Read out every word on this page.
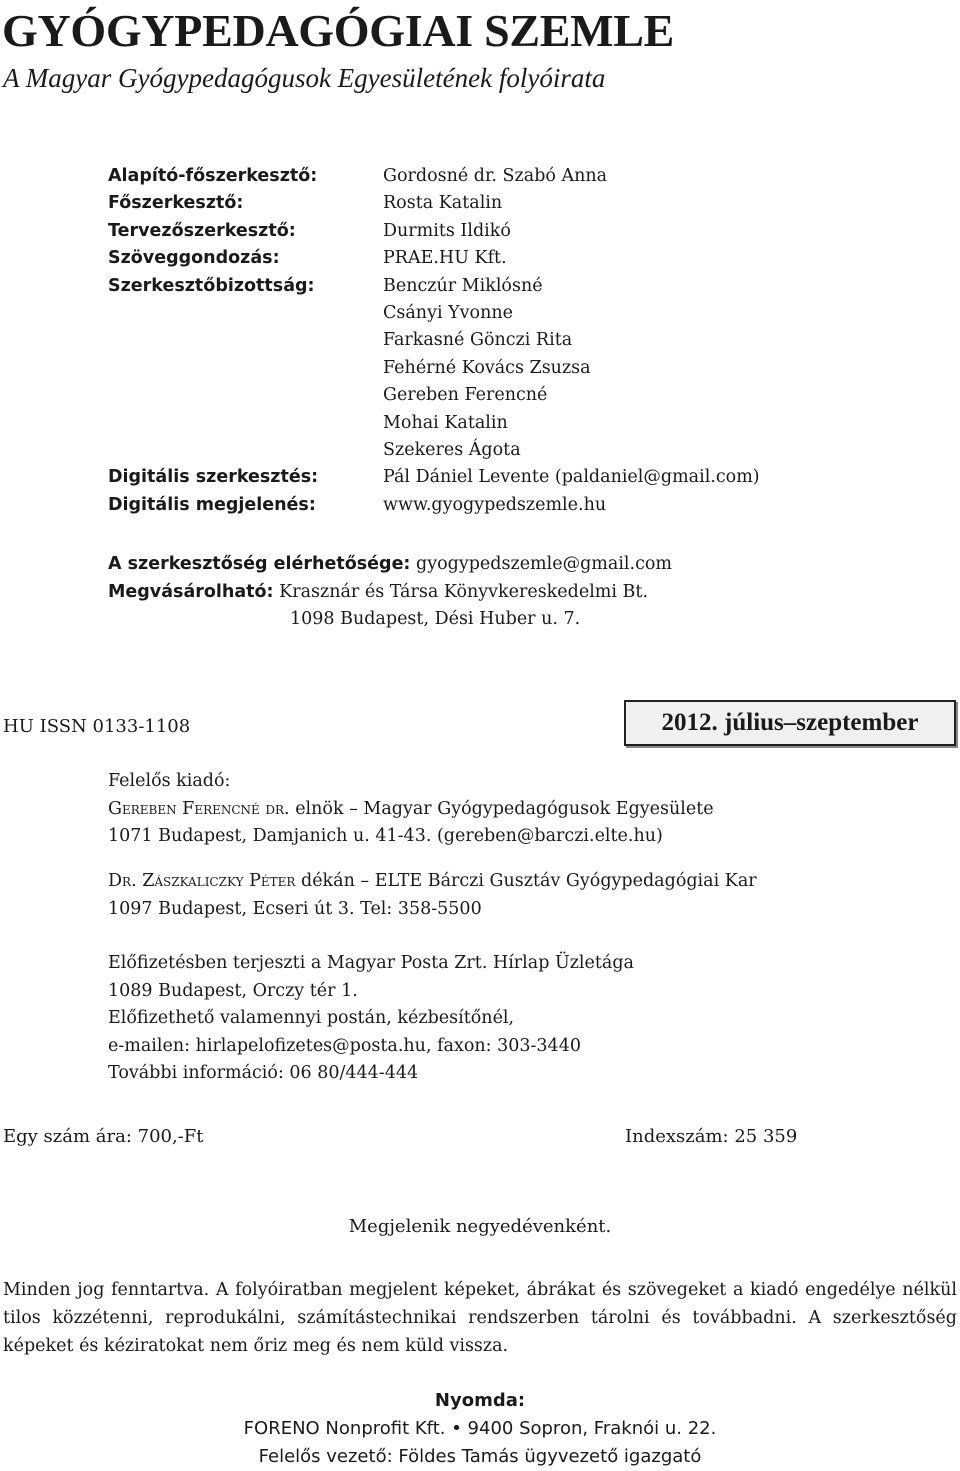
GYÓGYPEDAGÓGIAI SZEMLE
A Magyar Gyógypedagógusok Egyesületének folyóirata
Alapító-főszerkesztő:	Gordosné dr. Szabó Anna
Főszerkesztő:	Rosta Katalin
Tervezőszerkesztő:	Durmits Ildikó
Szöveggondozás:	PRAE.HU Kft.
Szerkesztőbizottság:	Benczúr Miklósné
Csányi Yvonne
Farkasné Gönczi Rita
Fehérné Kovács Zsuzsa
Gereben Ferencné
Mohai Katalin
Szekeres Ágota
Digitális szerkesztés:	Pál Dániel Levente (paldaniel@gmail.com)
Digitális megjelenés:	www.gyogypedszemle.hu
A szerkesztőség elérhetősége: gyogypedszemle@gmail.com
Megvásárolható: Krasznár és Társa Könyvkereskedelmi Bt.
1098 Budapest, Dési Huber u. 7.
HU ISSN 0133-1108	2012. július–szeptember
Felelős kiadó:
Gereben Ferencné dr. elnök – Magyar Gyógypedagógusok Egyesülete
1071 Budapest, Damjanich u. 41-43. (gereben@barczi.elte.hu)
Dr. Zászkaliczky Péter dékán – ELTE Bárczi Gusztáv Gyógypedagógiai Kar
1097 Budapest, Ecseri út 3. Tel: 358-5500
Előfizetésben terjeszti a Magyar Posta Zrt. Hírlap Üzletága
1089 Budapest, Orczy tér 1.
Előfizethető valamennyi postán, kézbesítőnél,
e-mailen: hirlapelofizetes@posta.hu, faxon: 303-3440
További információ: 06 80/444-444
Egy szám ára: 700,-Ft	Indexszám: 25 359
Megjelenik negyedévenként.
Minden jog fenntartva. A folyóiratban megjelent képeket, ábrákat és szövegeket a kiadó engedélye nélkül tilos közzétenni, reprodukálni, számítástechnikai rendszerben tárolni és továbbadni. A szerkesztőség képeket és kéziratokat nem őriz meg és nem küld vissza.
Nyomda:
FORENO Nonprofit Kft. • 9400 Sopron, Fraknói u. 22.
Felelős vezető: Földes Tamás ügyvezető igazgató
